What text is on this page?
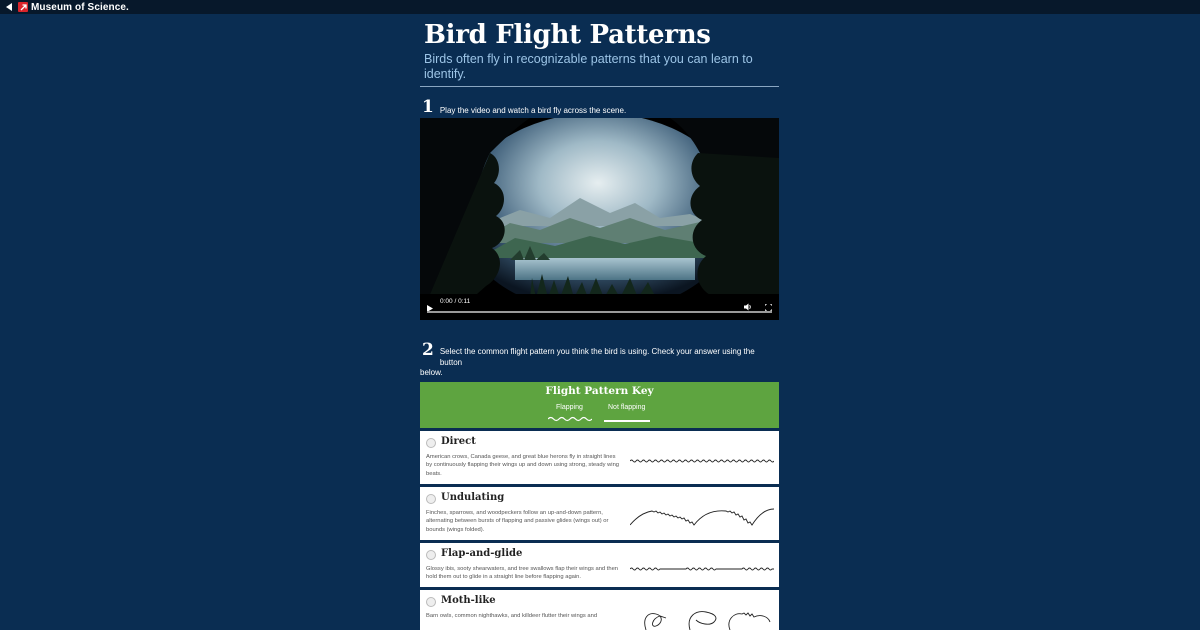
Museum of Science.
Bird Flight Patterns
Birds often fly in recognizable patterns that you can learn to identify.
1 Play the video and watch a bird fly across the scene.
0:00 / 0:11
2 Select the common flight pattern you think the bird is using. Check your answer using the button
below.
Flight Pattern Key
Flapping	Not flapping
Direct
American crows, Canada geese, and great blue herons fly in straight lines by continuously flapping their wings up and down using strong, steady wing beats.
Undulating
Finches, sparrows, and woodpeckers follow an up-and-down pattern, alternating between bursts of flapping and passive glides (wings out) or bounds (wings folded).
Flap-and-glide
Glossy ibis, sooty shearwaters, and tree swallows flap their wings and then hold them out to glide in a straight line before flapping again.
Moth-like
Barn owls, common nighthawks, and killdeer flutter their wings and
